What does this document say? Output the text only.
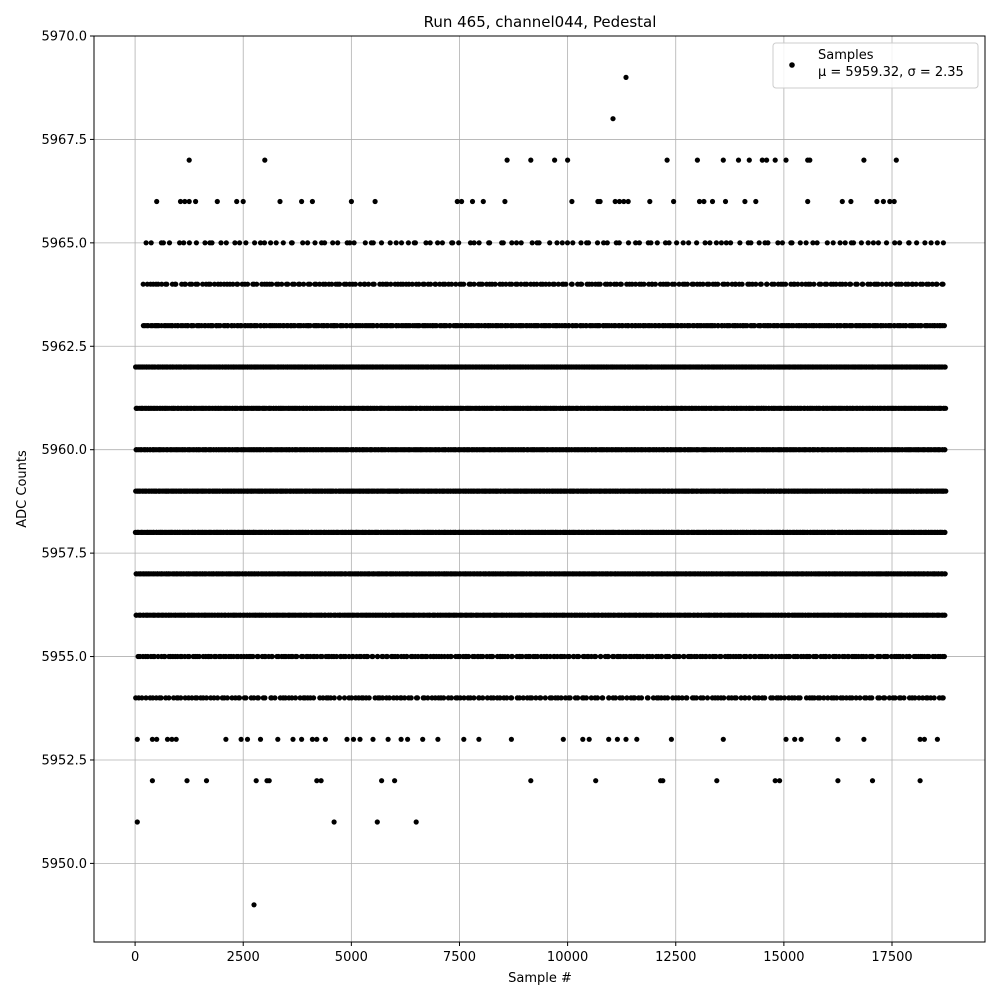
Run 465, channel044, Pedestal
0	2500	5000	7500	10000	12500	15000	17500
5950.0
5952.5
5955.0
5957.5
5960.0
5962.5
5965.0
5967.5
5970.0
Sample #
ADC Counts
Samples
μ = 5959.32, σ = 2.35
